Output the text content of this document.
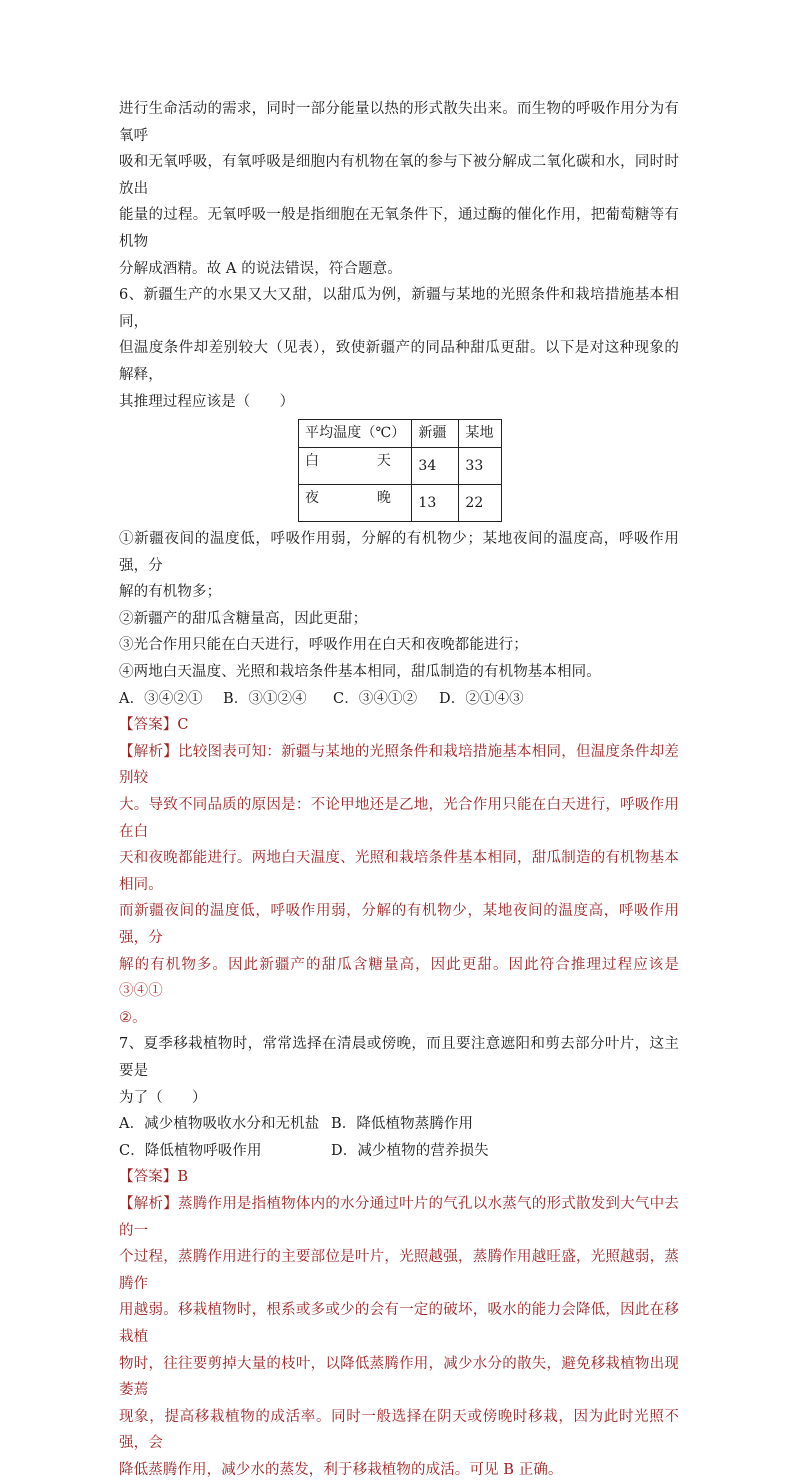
进行生命活动的需求，同时一部分能量以热的形式散失出来。而生物的呼吸作用分为有氧呼

吸和无氧呼吸，有氧呼吸是细胞内有机物在氧的参与下被分解成二氧化碳和水，同时时放出

能量的过程。无氧呼吸一般是指细胞在无氧条件下，通过酶的催化作用，把葡萄糖等有机物

分解成酒精。故 A 的说法错误，符合题意。

6、新疆生产的水果又大又甜，以甜瓜为例，新疆与某地的光照条件和栽培措施基本相同，

但温度条件却差别较大（见表），致使新疆产的同品种甜瓜更甜。以下是对这种现象的解释，

其推理过程应该是（　　）

平均温度（℃）	新疆	某地

白 天	34	33

夜 晚	13	22

①新疆夜间的温度低，呼吸作用弱，分解的有机物少；某地夜间的温度高，呼吸作用强，分

解的有机物多；

②新疆产的甜瓜含糖量高，因此更甜；

③光合作用只能在白天进行，呼吸作用在白天和夜晚都能进行；

④两地白天温度、光照和栽培条件基本相同，甜瓜制造的有机物基本相同。

A．③④②① B．③①②④ C．③④①② D．②①④③

【答案】C

【解析】比较图表可知：新疆与某地的光照条件和栽培措施基本相同，但温度条件却差别较

大。导致不同品质的原因是：不论甲地还是乙地，光合作用只能在白天进行，呼吸作用在白

天和夜晚都能进行。两地白天温度、光照和栽培条件基本相同，甜瓜制造的有机物基本相同。

而新疆夜间的温度低，呼吸作用弱，分解的有机物少，某地夜间的温度高，呼吸作用强，分

解的有机物多。因此新疆产的甜瓜含糖量高，因此更甜。因此符合推理过程应该是③④①

②。

7、夏季移栽植物时，常常选择在清晨或傍晚，而且要注意遮阳和剪去部分叶片，这主要是

为了（　　）

A．减少植物吸收水分和无机盐 B．降低植物蒸腾作用

C．降低植物呼吸作用	D．减少植物的营养损失

【答案】B

【解析】蒸腾作用是指植物体内的水分通过叶片的气孔以水蒸气的形式散发到大气中去的一

个过程，蒸腾作用进行的主要部位是叶片，光照越强，蒸腾作用越旺盛，光照越弱，蒸腾作

用越弱。移栽植物时，根系或多或少的会有一定的破坏，吸水的能力会降低，因此在移栽植

物时，往往要剪掉大量的枝叶，以降低蒸腾作用，减少水分的散失，避免移栽植物出现萎蔫

现象，提高移栽植物的成活率。同时一般选择在阴天或傍晚时移栽，因为此时光照不强，会

降低蒸腾作用，减少水的蒸发，利于移栽植物的成活。可见 B 正确。
